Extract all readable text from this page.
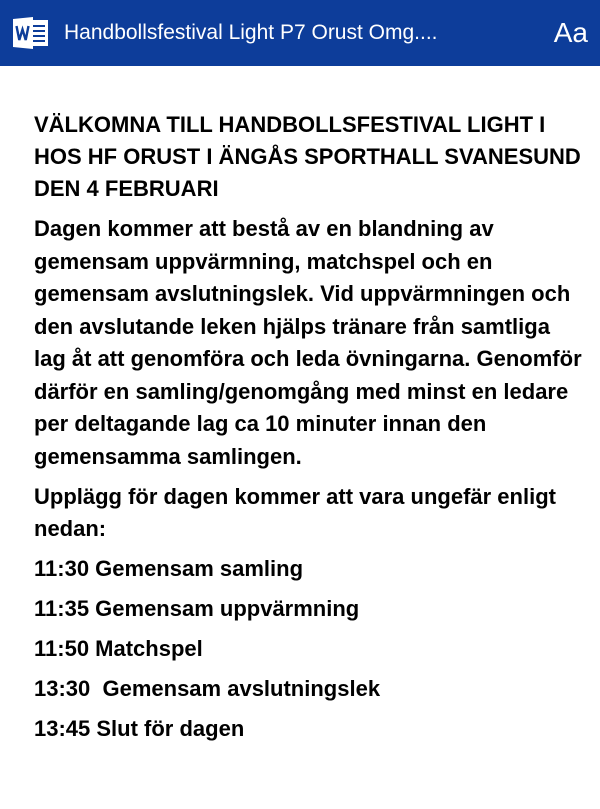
Handbollsfestival Light P7 Orust Omg....	Aa
VÄLKOMNA TILL HANDBOLLSFESTIVAL LIGHT I HOS HF ORUST I ÄNGÅS SPORTHALL SVANESUND DEN 4 FEBRUARI
Dagen kommer att bestå av en blandning av gemensam uppvärmning, matchspel och en gemensam avslutningslek. Vid uppvärmningen och den avslutande leken hjälps tränare från samtliga lag åt att genomföra och leda övningarna. Genomför därför en samling/genomgång med minst en ledare per deltagande lag ca 10 minuter innan den gemensamma samlingen.
Upplägg för dagen kommer att vara ungefär enligt nedan:
11:30 Gemensam samling
11:35 Gemensam uppvärmning
11:50 Matchspel
13:30  Gemensam avslutningslek
13:45 Slut för dagen
